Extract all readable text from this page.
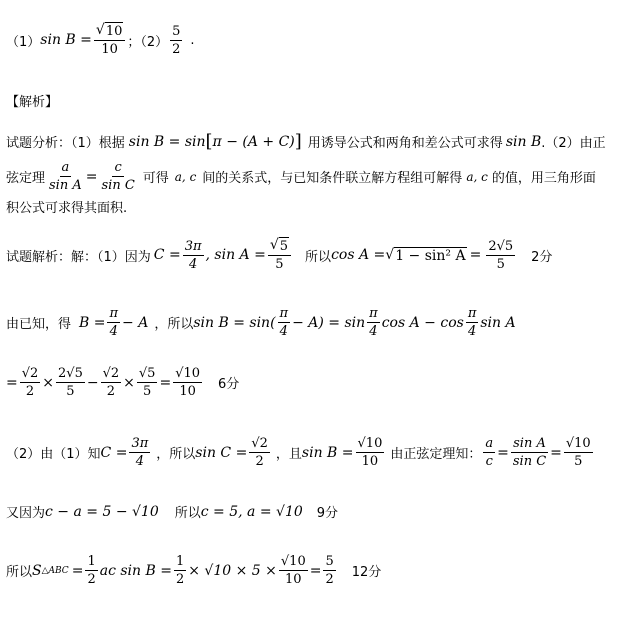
（1） $\sin B = \frac{√ 10}{10}$ ；$(2) \frac{5}{2}$ .
【解析】
试题分析：（1）根据 sin B = sin [ π − (A + C) ] 用诱导公式和两角和差公式可求得 sin B .（2）由正
弦定理 $\frac{a}{\text{sin A}} = \frac{c}{\text{sin C}}$ 可得 a, c 间的关系式，与已知条件联立解方程组可解得 a, c 的值，用三角形面
积公式可求得其面积.
试题解析：解：（1）因为 $C = \frac{3\pi}{4}$ , $\sin A = \frac{√ 5}{5}$ 所以 cos A = √ 1 − sin² $A = \frac{2√5}{5} 2$分
由已知，得 $B = \frac{\pi}{4} - A$ ，所以 $\sin B = \sin( \frac{\pi}{4} - A) = \sin \frac{\pi}{4}$ $\cos A - \cos \frac{\pi}{4}$ sin A
= $\frac{√2}{2} \times \frac{2√5}{5} - \frac{√2}{2} \times \frac{√5}{5} = \frac{√10}{10} 6$分
（2）由（1）知 $C = \frac{3\pi}{4}$ ，所以 $\sin C = \frac{√2}{2}$ ，且 $\sin B = \frac{√10}{10}$ 由正弦定理知： $\frac{a}{c} = \frac{\text{sin A}}{\text{sin C}} = \frac{√10}{5}$
又因为 c − a = 5 − √10 所以 c = 5, a = √10 9分
所以 S △ABC = $\frac{1}{2}$ ac $\sin B = \frac{1}{2} \times √10 \times 5 \times \frac{√10}{10} = \frac{5}{2} 12$分
